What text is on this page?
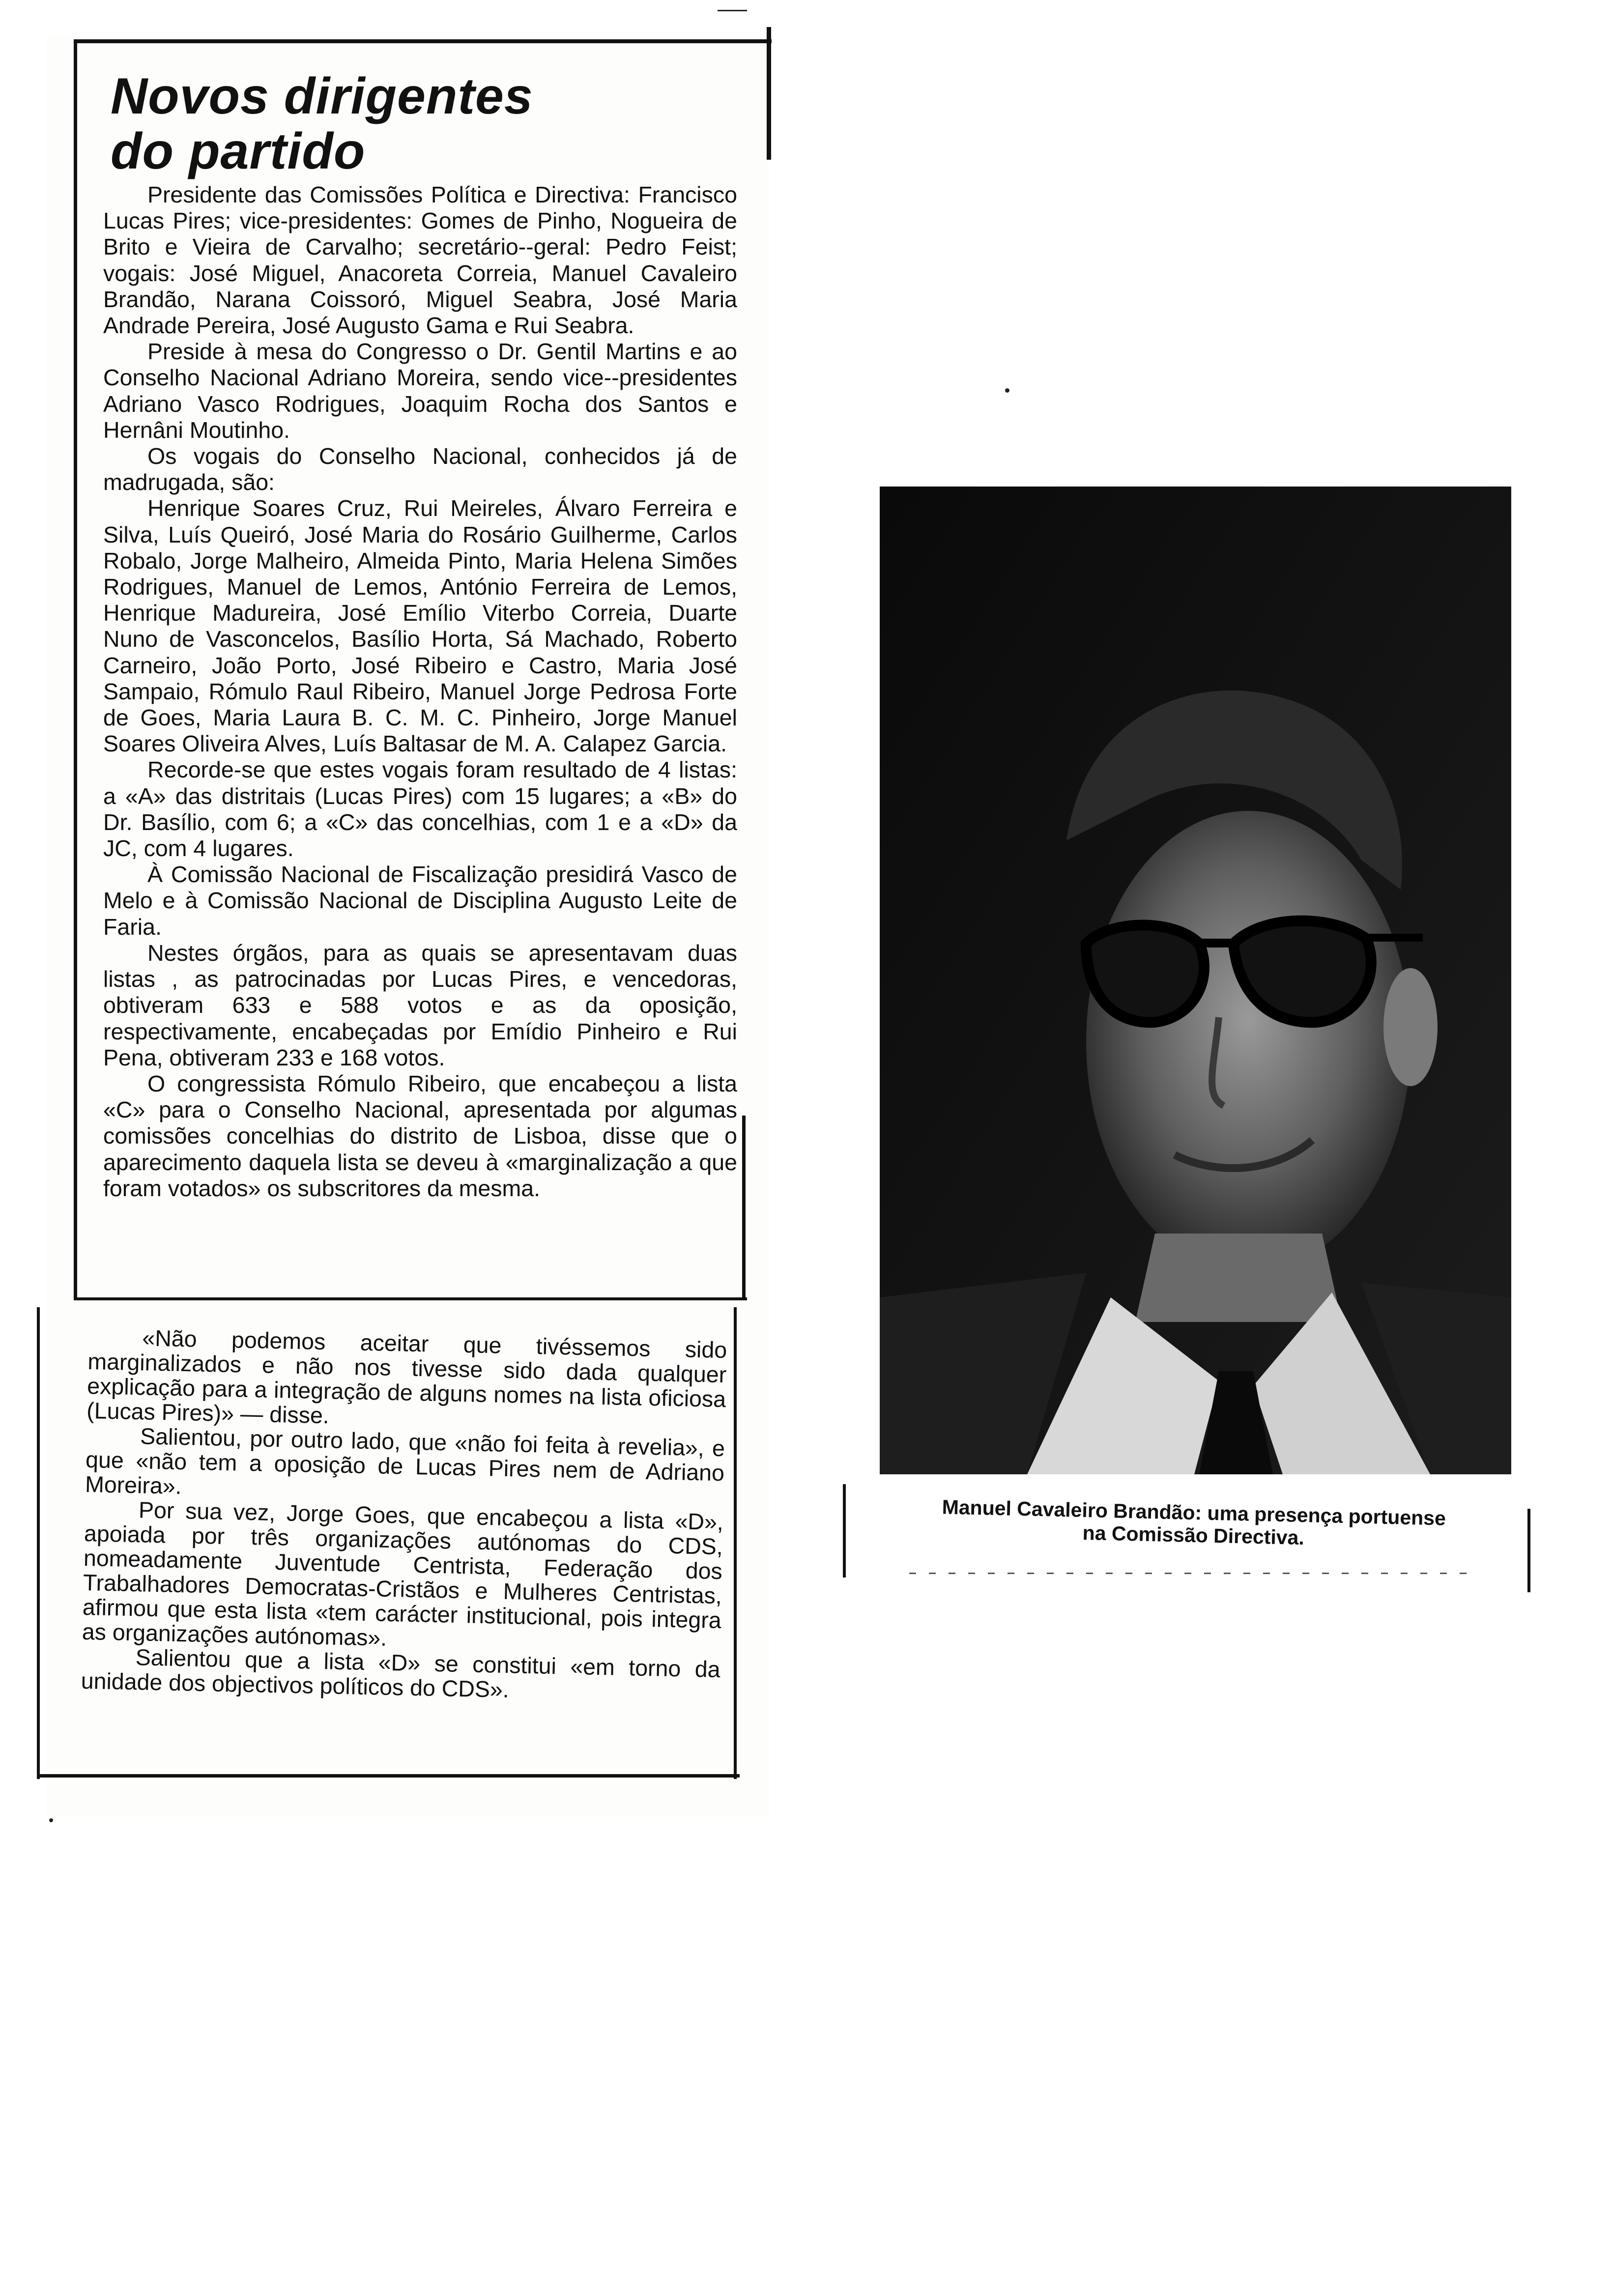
Novos dirigentes
do partido

Presidente das Comissões Política e Directiva: Francisco Lucas Pires; vice-presidentes: Gomes de Pinho, Nogueira de Brito e Vieira de Carvalho; secretário--geral: Pedro Feist; vogais: José Miguel, Anacoreta Correia, Manuel Cavaleiro Brandão, Narana Coissoró, Miguel Seabra, José Maria Andrade Pereira, José Augusto Gama e Rui Seabra.

Preside à mesa do Congresso o Dr. Gentil Martins e ao Conselho Nacional Adriano Moreira, sendo vice--presidentes Adriano Vasco Rodrigues, Joaquim Rocha dos Santos e Hernâni Moutinho.

Os vogais do Conselho Nacional, conhecidos já de madrugada, são:

Henrique Soares Cruz, Rui Meireles, Álvaro Ferreira e Silva, Luís Queiró, José Maria do Rosário Guilherme, Carlos Robalo, Jorge Malheiro, Almeida Pinto, Maria Helena Simões Rodrigues, Manuel de Lemos, António Ferreira de Lemos, Henrique Madureira, José Emílio Viterbo Correia, Duarte Nuno de Vasconcelos, Basílio Horta, Sá Machado, Roberto Carneiro, João Porto, José Ribeiro e Castro, Maria José Sampaio, Rómulo Raul Ribeiro, Manuel Jorge Pedrosa Forte de Goes, Maria Laura B. C. M. C. Pinheiro, Jorge Manuel Soares Oliveira Alves, Luís Baltasar de M. A. Calapez Garcia.

Recorde-se que estes vogais foram resultado de 4 listas: a «A» das distritais (Lucas Pires) com 15 lugares; a «B» do Dr. Basílio, com 6; a «C» das concelhias, com 1 e a «D» da JC, com 4 lugares.

À Comissão Nacional de Fiscalização presidirá Vasco de Melo e à Comissão Nacional de Disciplina Augusto Leite de Faria.

Nestes órgãos, para as quais se apresentavam duas listas , as patrocinadas por Lucas Pires, e vencedoras, obtiveram 633 e 588 votos e as da oposição, respectivamente, encabeçadas por Emídio Pinheiro e Rui Pena, obtiveram 233 e 168 votos.

O congressista Rómulo Ribeiro, que encabeçou a lista «C» para o Conselho Nacional, apresentada por algumas comissões concelhias do distrito de Lisboa, disse que o aparecimento daquela lista se deveu à «marginalização a que foram votados» os subscritores da mesma.

«Não podemos aceitar que tivéssemos sido marginalizados e não nos tivesse sido dada qualquer explicação para a integração de alguns nomes na lista oficiosa (Lucas Pires)» — disse.

Salientou, por outro lado, que «não foi feita à revelia», e que «não tem a oposição de Lucas Pires nem de Adriano Moreira».

Por sua vez, Jorge Goes, que encabeçou a lista «D», apoiada por três organizações autónomas do CDS, nomeadamente Juventude Centrista, Federação dos Trabalhadores Democratas-Cristãos e Mulheres Centristas, afirmou que esta lista «tem carácter institucional, pois integra as organizações autónomas».

Salientou que a lista «D» se constitui «em torno da unidade dos objectivos políticos do CDS».

Manuel Cavaleiro Brandão: uma presença portuense
na Comissão Directiva.
